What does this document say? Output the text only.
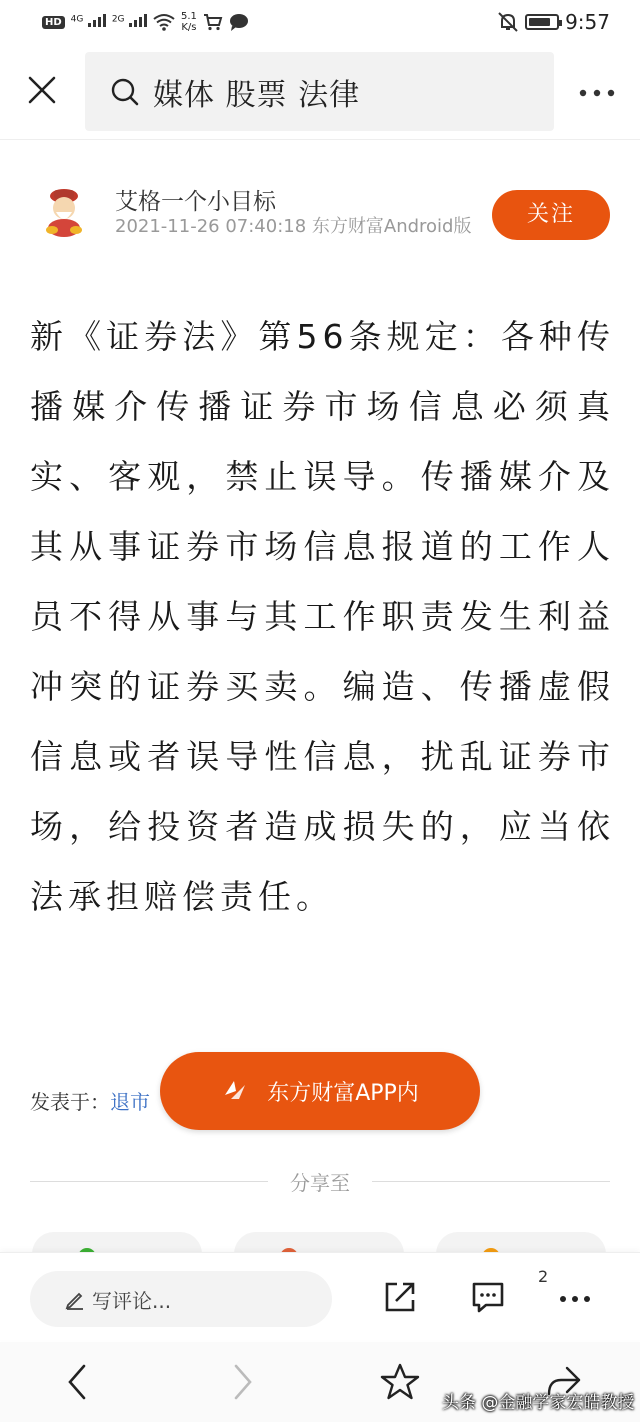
HD	$^{4G}$	$^{2G}$	5.1
K/s	9:57
媒体 股票 法律
艾格一个小目标
2021-11-26 07:40:18 东方财富Android版	关注
新《证券法》第56条规定：各种传播媒介传播证券市场信息必须真实、客观，禁止误导。传播媒介及其从事证券市场信息报道的工作人员不得从事与其工作职责发生利益冲突的证券买卖。编造、传播虚假信息或者误导性信息，扰乱证券市场，给投资者造成损失的，应当依法承担赔偿责任。
发表于：退市	东方财富APP内
分享至
写评论...
2
头条 @金融学家宏皓教授
